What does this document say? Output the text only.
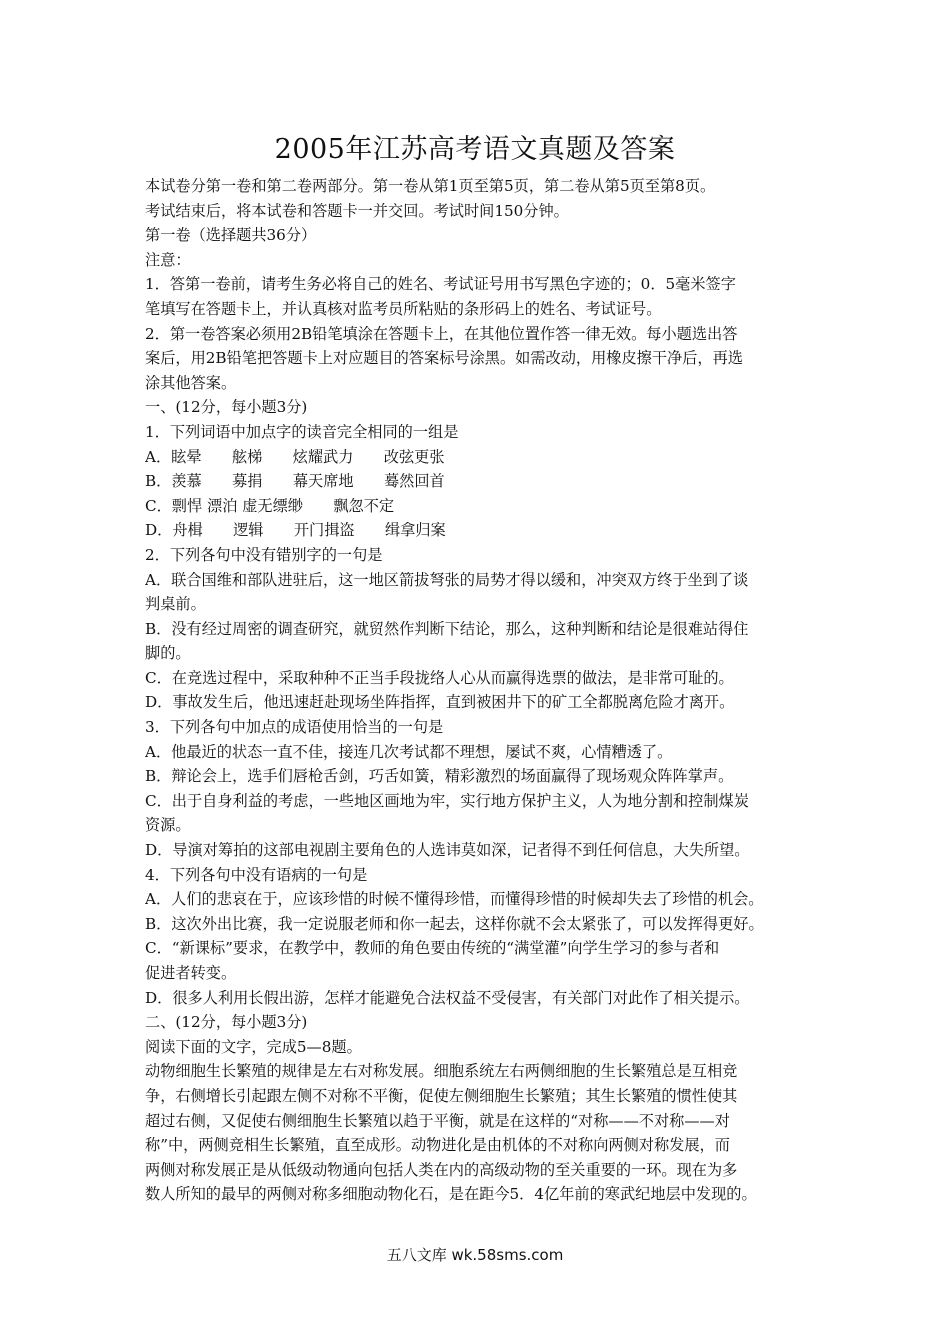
2005年江苏高考语文真题及答案
本试卷分第一卷和第二卷两部分。第一卷从第1页至第5页，第二卷从第5页至第8页。
考试结束后，将本试卷和答题卡一并交回。考试时间150分钟。
第一卷（选择题共36分）
注意：
1．答第一卷前，请考生务必将自己的姓名、考试证号用书写黑色字迹的；0．5毫米签字
笔填写在答题卡上，并认真核对监考员所粘贴的条形码上的姓名、考试证号。
2．第一卷答案必须用2B铅笔填涂在答题卡上，在其他位置作答一律无效。每小题选出答
案后，用2B铅笔把答题卡上对应题目的答案标号涂黑。如需改动，用橡皮擦干净后，再选
涂其他答案。
一、(12分，每小题3分)
1．下列词语中加点字的读音完全相同的一组是
A．眩晕　　舷梯　　炫耀武力　　改弦更张
B．羡慕　　募捐　　幕天席地　　蓦然回首
C．剽悍 漂泊 虚无缥缈　　飘忽不定
D．舟楫　　逻辑　　开门揖盗　　缉拿归案
2．下列各句中没有错别字的一句是
A．联合国维和部队进驻后，这一地区箭拔弩张的局势才得以缓和，冲突双方终于坐到了谈
判桌前。
B．没有经过周密的调查研究，就贸然作判断下结论，那么，这种判断和结论是很难站得住
脚的。
C．在竞选过程中，采取种种不正当手段拢络人心从而赢得选票的做法，是非常可耻的。
D．事故发生后，他迅速赶赴现场坐阵指挥，直到被困井下的矿工全都脱离危险才离开。
3．下列各句中加点的成语使用恰当的一句是
A．他最近的状态一直不佳，接连几次考试都不理想，屡试不爽，心情糟透了。
B．辩论会上，选手们唇枪舌剑，巧舌如簧，精彩激烈的场面赢得了现场观众阵阵掌声。
C．出于自身利益的考虑，一些地区画地为牢，实行地方保护主义，人为地分割和控制煤炭
资源。
D．导演对筹拍的这部电视剧主要角色的人选讳莫如深，记者得不到任何信息，大失所望。
4．下列各句中没有语病的一句是
A．人们的悲哀在于，应该珍惜的时候不懂得珍惜，而懂得珍惜的时候却失去了珍惜的机会。
B．这次外出比赛，我一定说服老师和你一起去，这样你就不会太紧张了，可以发挥得更好。
C．“新课标”要求，在教学中，教师的角色要由传统的“满堂灌”向学生学习的参与者和
促进者转变。
D．很多人利用长假出游，怎样才能避免合法权益不受侵害，有关部门对此作了相关提示。
二、(12分，每小题3分)
阅读下面的文字，完成5—8题。
动物细胞生长繁殖的规律是左右对称发展。细胞系统左右两侧细胞的生长繁殖总是互相竞
争，右侧增长引起跟左侧不对称不平衡，促使左侧细胞生长繁殖；其生长繁殖的惯性使其
超过右侧，又促使右侧细胞生长繁殖以趋于平衡，就是在这样的“对称——不对称——对
称”中，两侧竞相生长繁殖，直至成形。动物进化是由机体的不对称向两侧对称发展，而
两侧对称发展正是从低级动物通向包括人类在内的高级动物的至关重要的一环。现在为多
数人所知的最早的两侧对称多细胞动物化石，是在距今5．4亿年前的寒武纪地层中发现的。
五八文库 wk.58sms.com
